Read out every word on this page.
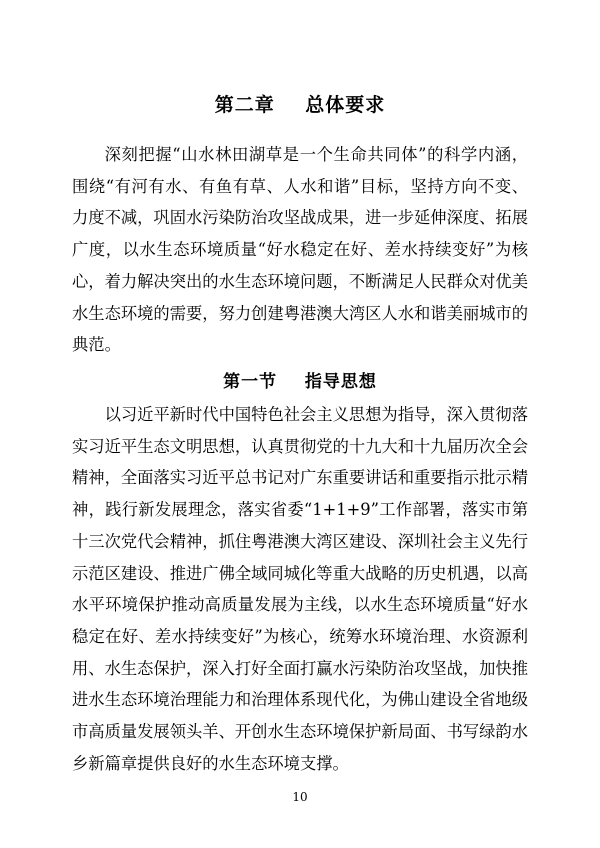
第二章    总体要求

深刻把握“山水林田湖草是一个生命共同体”的科学内涵，围绕“有河有水、有鱼有草、人水和谐”目标，坚持方向不变、力度不减，巩固水污染防治攻坚战成果，进一步延伸深度、拓展广度，以水生态环境质量“好水稳定在好、差水持续变好”为核心，着力解决突出的水生态环境问题，不断满足人民群众对优美水生态环境的需要，努力创建粤港澳大湾区人水和谐美丽城市的典范。

第一节    指导思想

以习近平新时代中国特色社会主义思想为指导，深入贯彻落实习近平生态文明思想，认真贯彻党的十九大和十九届历次全会精神，全面落实习近平总书记对广东重要讲话和重要指示批示精神，践行新发展理念，落实省委“1+1+9”工作部署，落实市第十三次党代会精神，抓住粤港澳大湾区建设、深圳社会主义先行示范区建设、推进广佛全域同城化等重大战略的历史机遇，以高水平环境保护推动高质量发展为主线，以水生态环境质量“好水稳定在好、差水持续变好”为核心，统筹水环境治理、水资源利用、水生态保护，深入打好全面打赢水污染防治攻坚战，加快推进水生态环境治理能力和治理体系现代化，为佛山建设全省地级市高质量发展领头羊、开创水生态环境保护新局面、书写绿韵水乡新篇章提供良好的水生态环境支撑。

10
